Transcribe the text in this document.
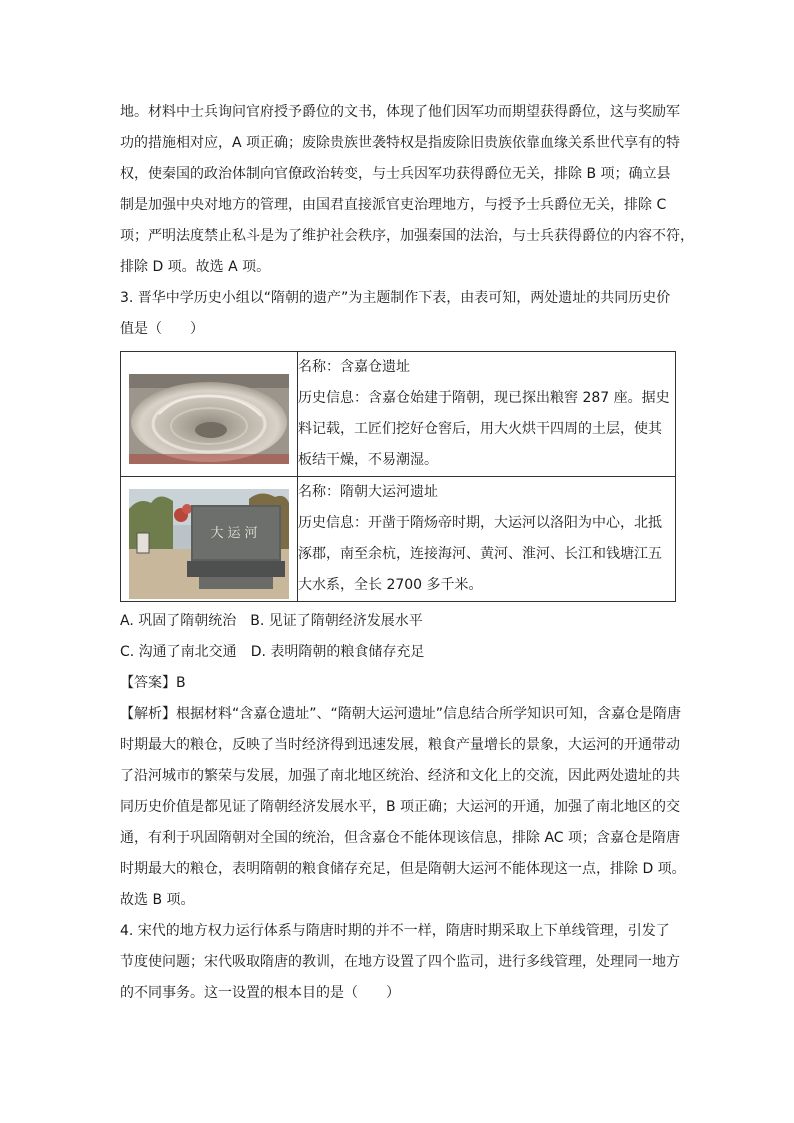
地。材料中士兵询问官府授予爵位的文书，体现了他们因军功而期望获得爵位，这与奖励军

功的措施相对应，A 项正确；废除贵族世袭特权是指废除旧贵族依靠血缘关系世代享有的特

权，使秦国的政治体制向官僚政治转变，与士兵因军功获得爵位无关，排除 B 项；确立县

制是加强中央对地方的管理，由国君直接派官吏治理地方，与授予士兵爵位无关，排除 C

项；严明法度禁止私斗是为了维护社会秩序，加强秦国的法治，与士兵获得爵位的内容不符，

排除 D 项。故选 A 项。

3. 晋华中学历史小组以“隋朝的遗产”为主题制作下表，由表可知，两处遗址的共同历史价

值是（　　）

名称：含嘉仓遗址

历史信息：含嘉仓始建于隋朝，现已探出粮窖 287 座。据史

料记载，工匠们挖好仓窖后，用大火烘干四周的土层，使其

板结干燥，不易潮湿。

大运河	名称：隋朝大运河遗址

历史信息：开凿于隋炀帝时期，大运河以洛阳为中心，北抵

涿郡，南至余杭，连接海河、黄河、淮河、长江和钱塘江五

大水系，全长 2700 多千米。

A. 巩固了隋朝统治 B. 见证了隋朝经济发展水平

C. 沟通了南北交通 D. 表明隋朝的粮食储存充足

【答案】B

【解析】根据材料“含嘉仓遗址”、“隋朝大运河遗址”信息结合所学知识可知，含嘉仓是隋唐

时期最大的粮仓，反映了当时经济得到迅速发展，粮食产量增长的景象，大运河的开通带动

了沿河城市的繁荣与发展，加强了南北地区统治、经济和文化上的交流，因此两处遗址的共

同历史价值是都见证了隋朝经济发展水平，B 项正确；大运河的开通，加强了南北地区的交

通，有利于巩固隋朝对全国的统治，但含嘉仓不能体现该信息，排除 AC 项；含嘉仓是隋唐

时期最大的粮仓，表明隋朝的粮食储存充足，但是隋朝大运河不能体现这一点，排除 D 项。

故选 B 项。

4. 宋代的地方权力运行体系与隋唐时期的并不一样，隋唐时期采取上下单线管理，引发了

节度使问题；宋代吸取隋唐的教训，在地方设置了四个监司，进行多线管理，处理同一地方

的不同事务。这一设置的根本目的是（　　）
